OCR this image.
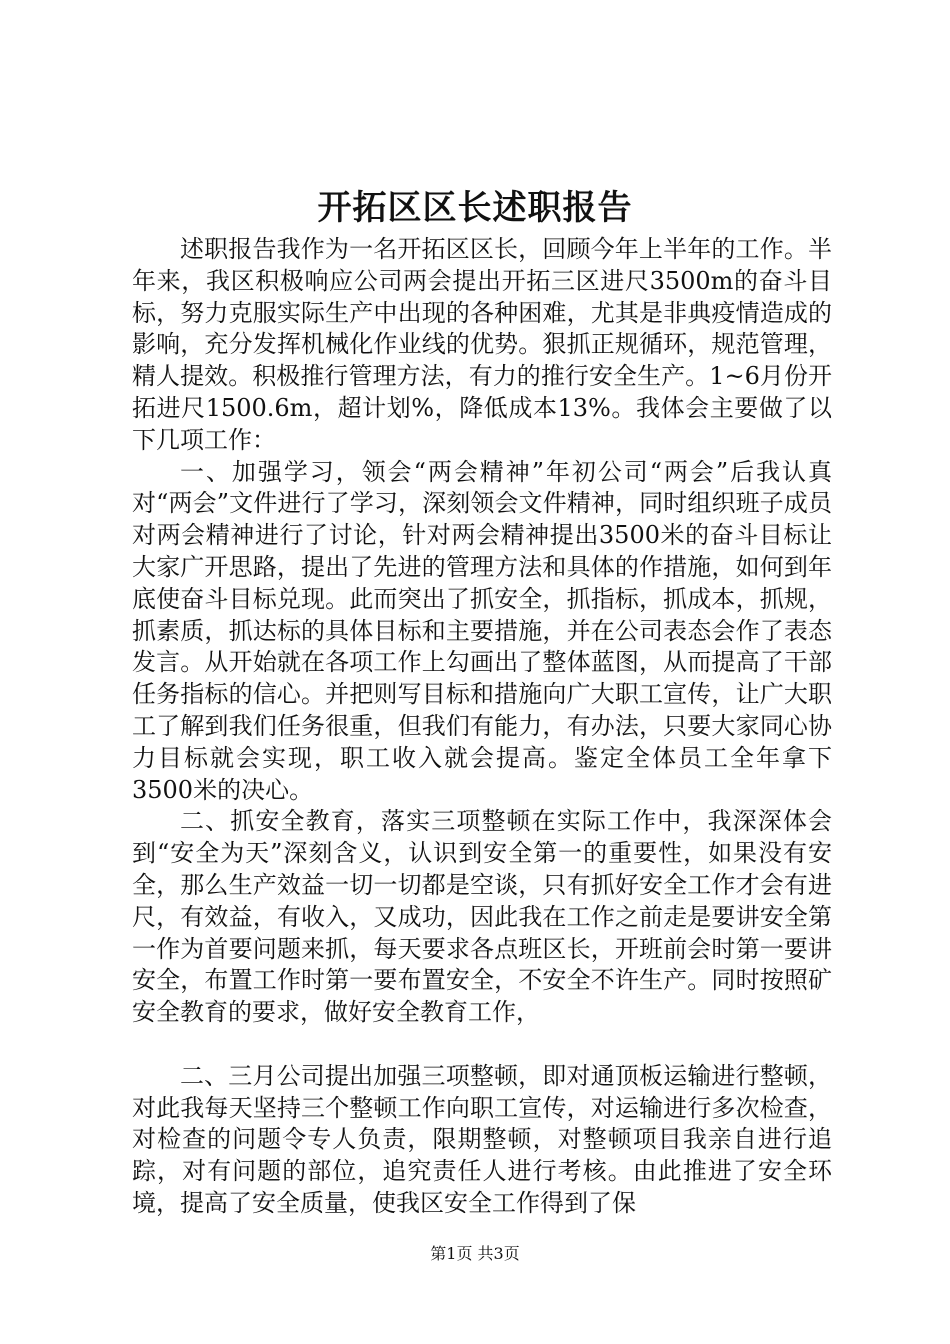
开拓区区长述职报告

述职报告我作为一名开拓区区长，回顾今年上半年的工作。半年来，我区积极响应公司两会提出开拓三区进尺3500m的奋斗目标，努力克服实际生产中出现的各种困难，尤其是非典疫情造成的影响，充分发挥机械化作业线的优势。狠抓正规循环，规范管理，精人提效。积极推行管理方法，有力的推行安全生产。1~6月份开拓进尺1500.6m，超计划%，降低成本13%。我体会主要做了以下几项工作：

一、加强学习，领会“两会精神”年初公司“两会”后我认真对“两会”文件进行了学习，深刻领会文件精神，同时组织班子成员对两会精神进行了讨论，针对两会精神提出3500米的奋斗目标让大家广开思路，提出了先进的管理方法和具体的作措施，如何到年底使奋斗目标兑现。此而突出了抓安全，抓指标，抓成本，抓规，抓素质，抓达标的具体目标和主要措施，并在公司表态会作了表态发言。从开始就在各项工作上勾画出了整体蓝图，从而提高了干部任务指标的信心。并把则写目标和措施向广大职工宣传，让广大职工了解到我们任务很重，但我们有能力，有办法，只要大家同心协力目标就会实现，职工收入就会提高。鉴定全体员工全年拿下3500米的决心。

二、抓安全教育，落实三项整顿在实际工作中，我深深体会到“安全为天”深刻含义，认识到安全第一的重要性，如果没有安全，那么生产效益一切一切都是空谈，只有抓好安全工作才会有进尺，有效益，有收入，又成功，因此我在工作之前走是要讲安全第一作为首要问题来抓，每天要求各点班区长，开班前会时第一要讲安全，布置工作时第一要布置安全，不安全不许生产。同时按照矿安全教育的要求，做好安全教育工作，

二、三月公司提出加强三项整顿，即对通顶板运输进行整顿，对此我每天坚持三个整顿工作向职工宣传，对运输进行多次检查，对检查的问题令专人负责，限期整顿，对整顿项目我亲自进行追踪，对有问题的部位，追究责任人进行考核。由此推进了安全环境，提高了安全质量，使我区安全工作得到了保

第1页 共3页
